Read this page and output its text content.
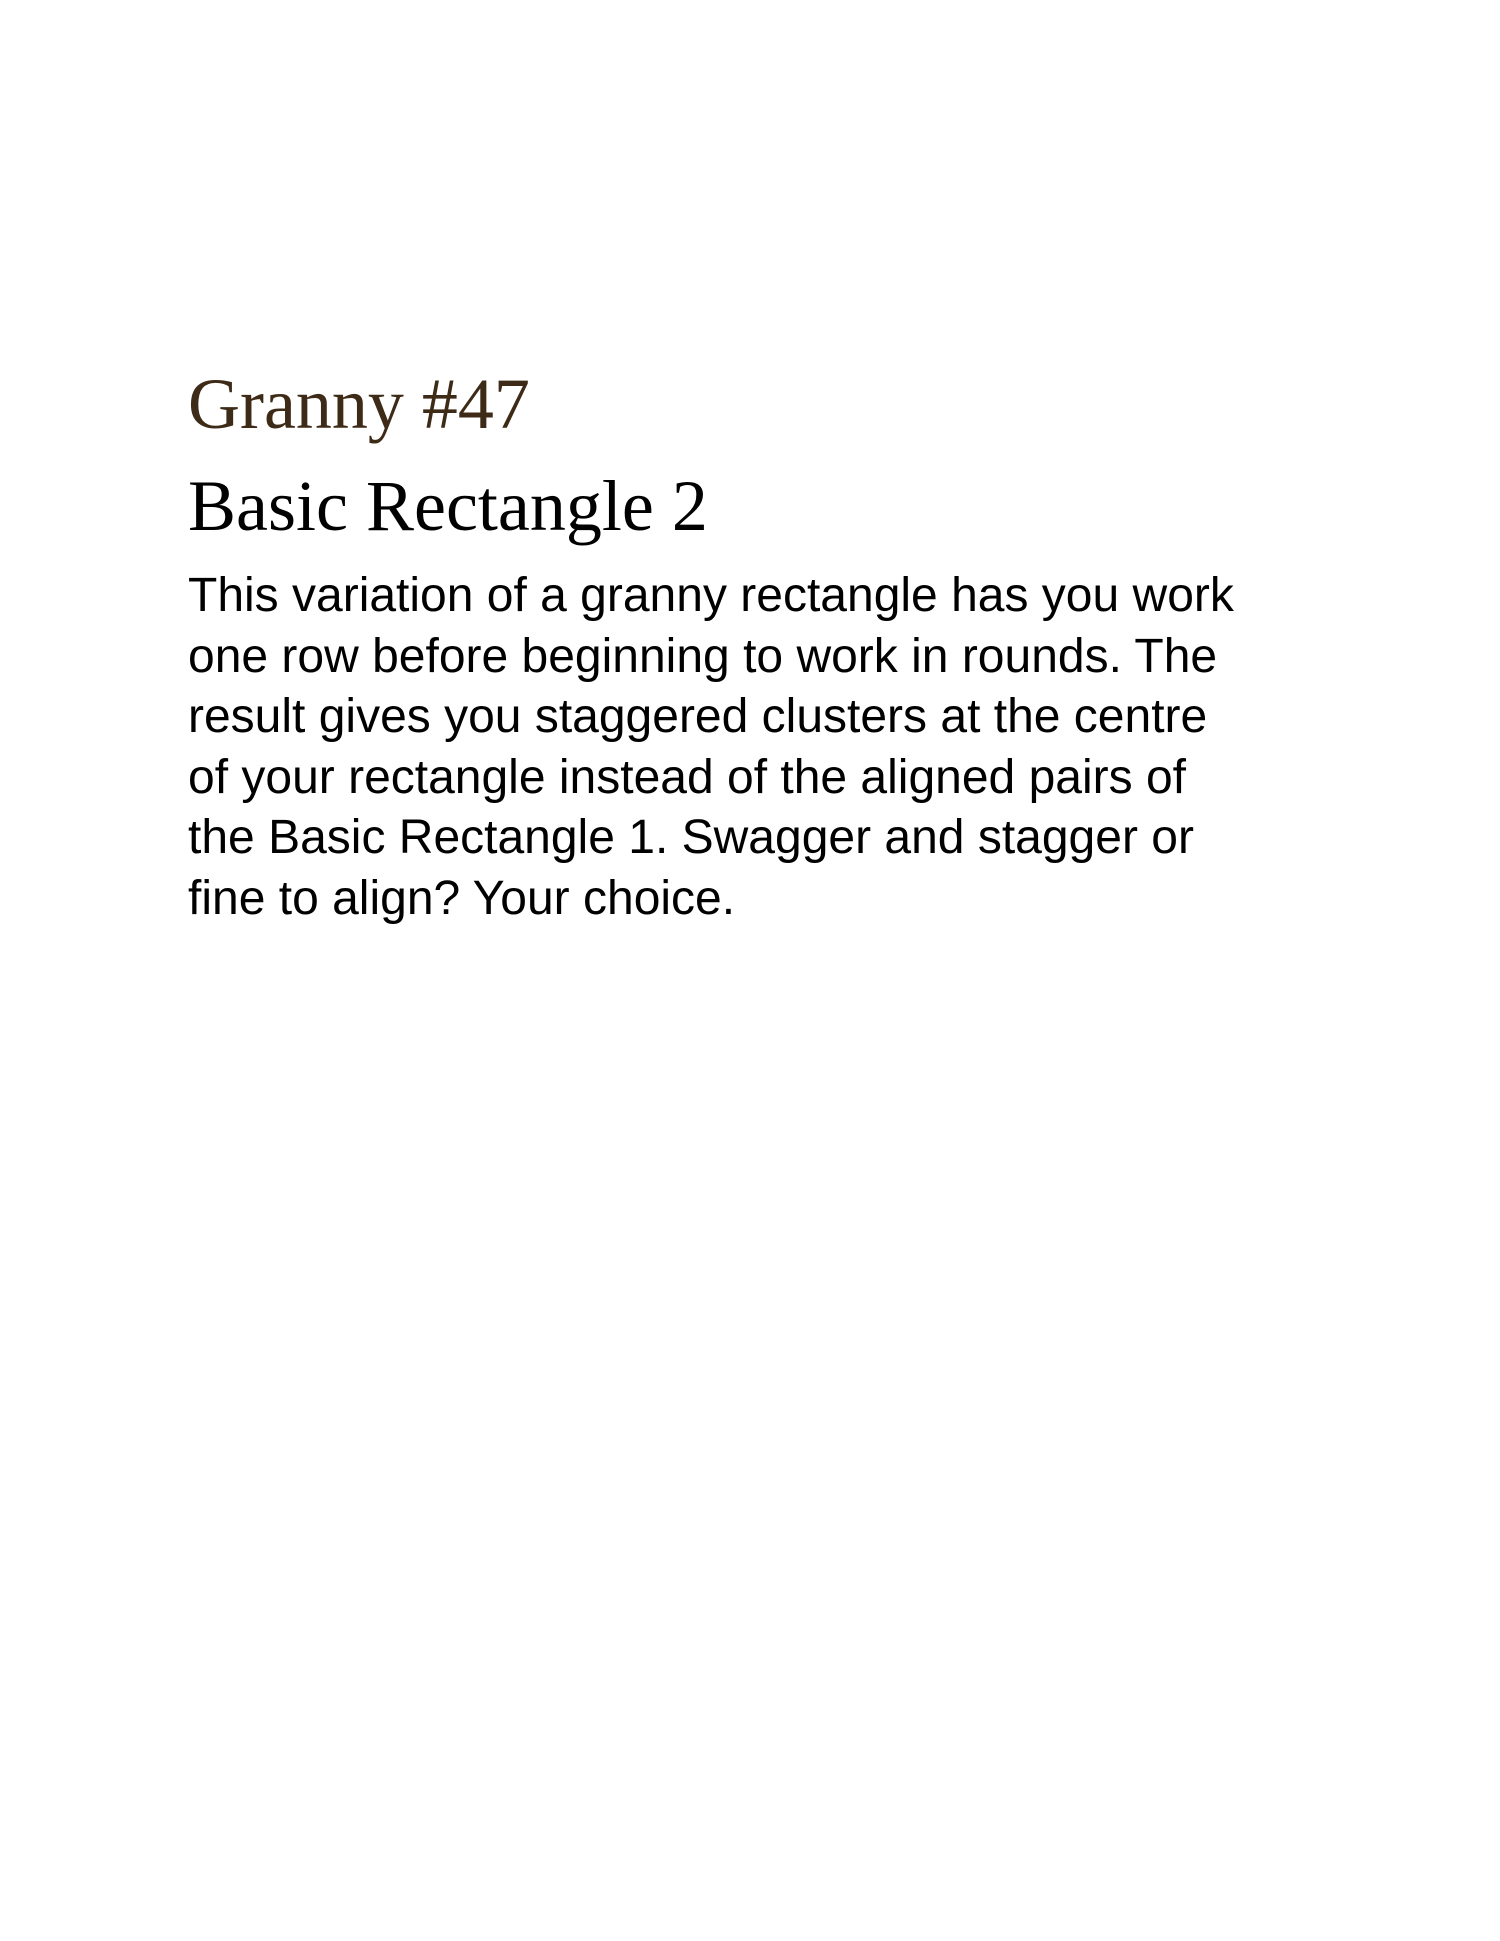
Granny #47
Basic Rectangle 2

This variation of a granny rectangle has you work
one row before beginning to work in rounds. The
result gives you staggered clusters at the centre
of your rectangle instead of the aligned pairs of
the Basic Rectangle 1. Swagger and stagger or
fine to align? Your choice.
